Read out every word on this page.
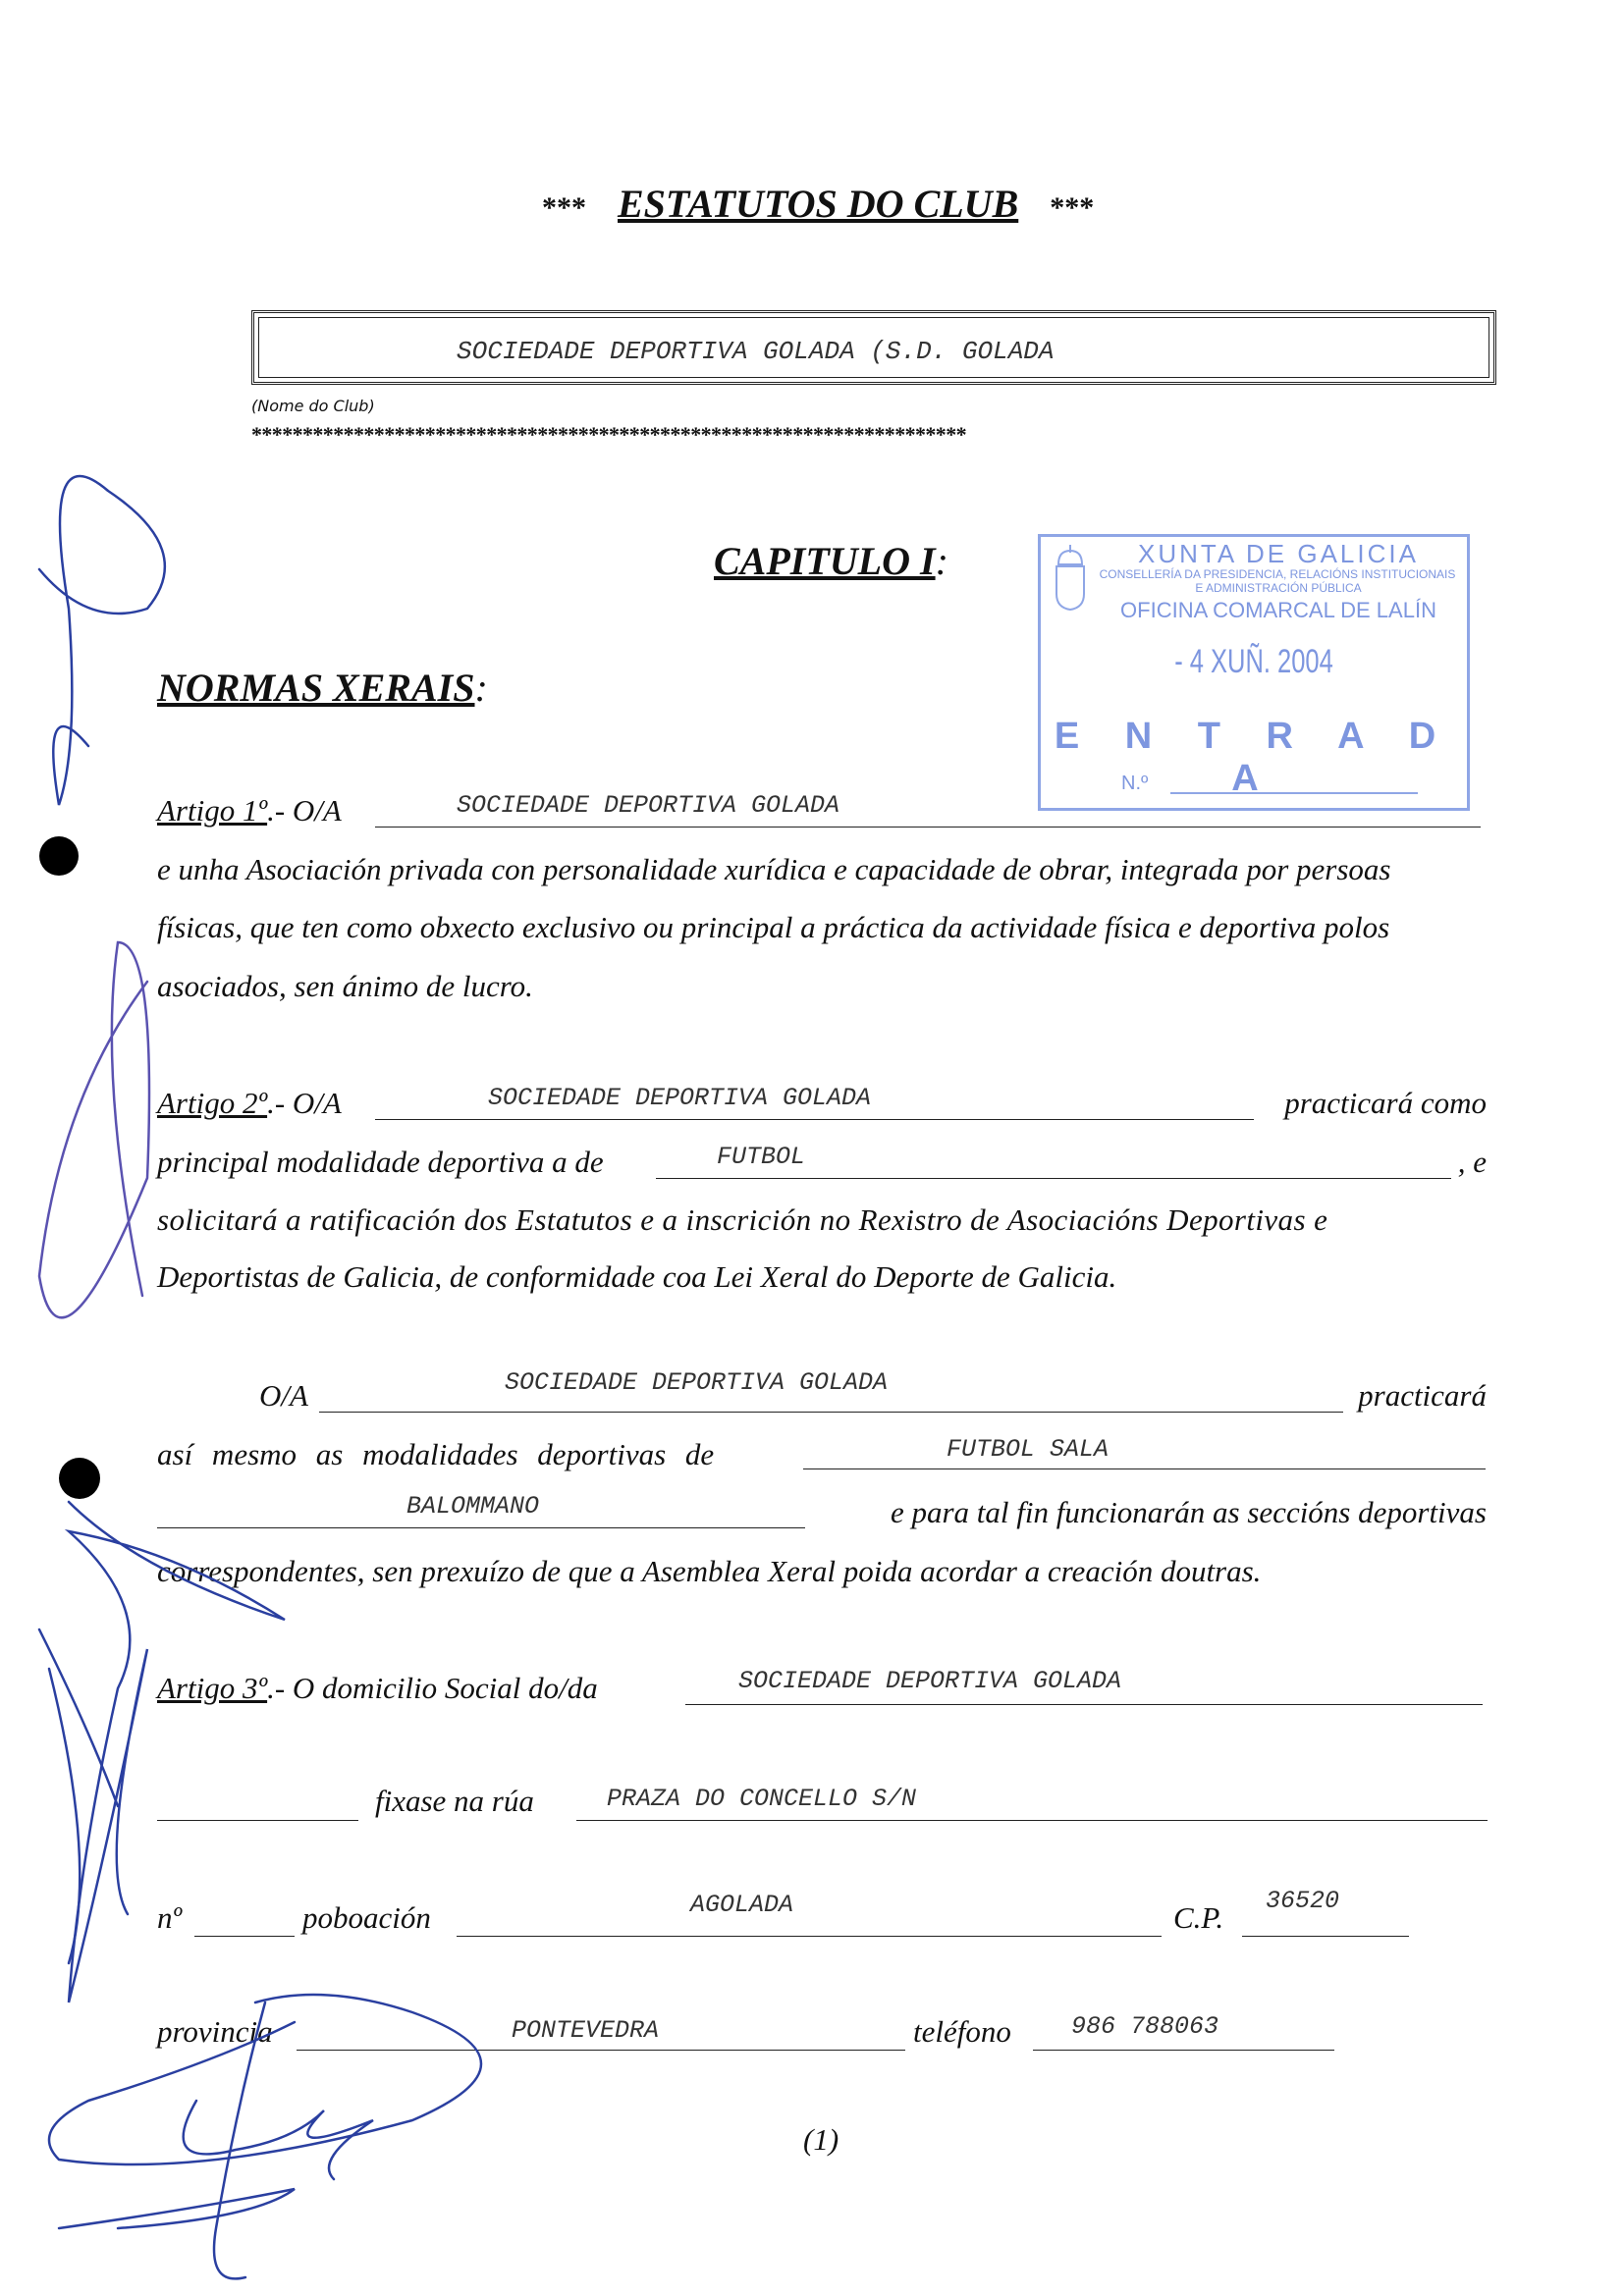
*** ESTATUTOS DO CLUB ***
SOCIEDADE DEPORTIVA GOLADA (S.D. GOLADA
(Nome do Club)
**********************************************************************
CAPITULO I:
NORMAS XERAIS:
XUNTA DE GALICIA
CONSELLERÍA DA PRESIDENCIA, RELACIÓNS INSTITUCIONAIS
E ADMINISTRACIÓN PÚBLICA
OFICINA COMARCAL DE LALÍN
- 4 XUÑ. 2004
E N T R A D A
N.º
Artigo 1º.- O/A	SOCIEDADE DEPORTIVA GOLADA
e unha Asociación privada con personalidade xurídica e capacidade de obrar, integrada por persoas
físicas, que ten como obxecto exclusivo ou principal a práctica da actividade física e deportiva polos
asociados, sen ánimo de lucro.
Artigo 2º.- O/A	SOCIEDADE DEPORTIVA GOLADA	practicará como
principal modalidade deportiva a de	FUTBOL	, e
solicitará a ratificación dos Estatutos e a inscrición no Rexistro de Asociacións Deportivas e
Deportistas de Galicia, de conformidade coa Lei Xeral do Deporte de Galicia.
O/A	SOCIEDADE DEPORTIVA GOLADA	practicará
así mesmo as modalidades deportivas de	FUTBOL SALA
BALOMMANO	e para tal fin funcionarán as seccións deportivas
correspondentes, sen prexuízo de que a Asemblea Xeral poida acordar a creación doutras.
Artigo 3º.- O domicilio Social do/da	SOCIEDADE DEPORTIVA GOLADA
fixase na rúa	PRAZA DO CONCELLO S/N
nº	poboación	AGOLADA	C.P. 36520
provincia	PONTEVEDRA	teléfono 986 788063
(1)
